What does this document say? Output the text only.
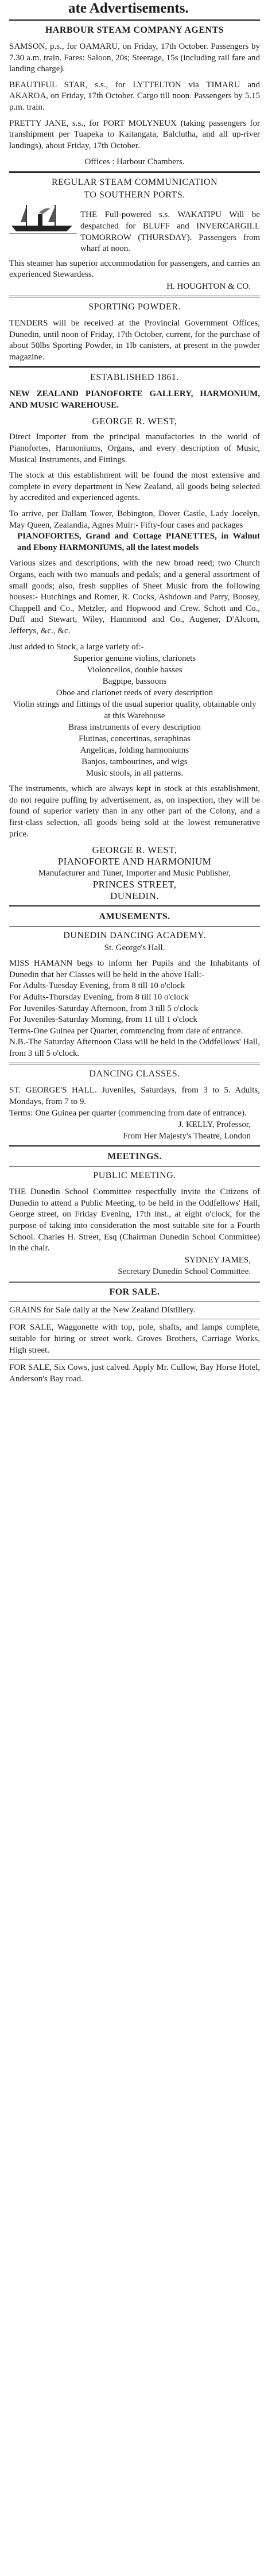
ate Advertisements.
HARBOUR STEAM COMPANY AGENTS

SAMSON, p.s., for OAMARU, on Friday, 17th October. Passengers by 7.30 a.m. train. Fares: Saloon, 20s; Steerage, 15s (including rail fare and landing charge).

BEAUTIFUL STAR, s.s., for LYTTELTON via TIMARU and AKAROA, on Friday, 17th October. Cargo till noon. Passengers by 5.15 p.m. train.

PRETTY JANE, s.s., for PORT MOLYNEUX (taking passengers for transhipment per Tuapeka to Kaitangata, Balclutha, and all up-river landings), about Friday, 17th October.

Offices : Harbour Chambers.
REGULAR STEAM COMMUNICATION
TO SOUTHERN PORTS.

THE Full-powered s.s. WAKATIPU Will be despatched for BLUFF and INVERCARGILL TOMORROW (THURSDAY). Passengers from wharf at noon.

This steamer has superior accommodation for passengers, and carries an experienced Stewardess.

H. HOUGHTON & CO.
SPORTING POWDER.

TENDERS will be received at the Provincial Government Offices, Dunedin, until noon of Friday, 17th October, current, for the purchase of about 50lbs Sporting Powder, in 1lb canisters, at present in the powder magazine.

ESTABLISHED 1861.

NEW ZEALAND PIANOFORTE GALLERY, HARMONIUM, AND MUSIC WAREHOUSE.

GEORGE R. WEST,

Direct Importer from the principal manufactories in the world of Pianofortes, Harmoniums, Organs, and every description of Music, Musical Instruments, and Fittings.

The stock at this establishment will be found the most extensive and complete in every department in New Zealand, all goods being selected by accredited and experienced agents.

To arrive, per Dallam Tower, Bebington, Dover Castle, Lady Jocelyn, May Queen, Zealandia, Agnes Muir:- Fifty-four cases and packages

PIANOFORTES, Grand and Cottage PIANETTES, in Walnut and Ebony HARMONIUMS, all the latest models

Various sizes and descriptions, with the new broad reed; two Church Organs, each with two manuals and pedals; and a general assortment of small goods; also, fresh supplies of Sheet Music from the following houses:- Hutchings and Romer, R. Cocks, Ashdown and Parry, Boosey, Chappell and Co., Metzler, and Hopwood and Crew. Schott and Co., Duff and Stewart, Wiley, Hammond and Co., Augener, D'Alcorn, Jefferys, &c., &c.

Just added to Stock, a large variety of:-

Superior genuine violins, clarionets

Violoncellos, double basses

Bagpipe, bassoons

Oboe and clarionet reeds of every description

Violin strings and fittings of the usual superior quality, obtainable only at this Warehouse

Brass instruments of every description

Flutinas, concertinas, seraphinas

Angelicas, folding harmoniums

Banjos, tambourines, and wigs

Music stools, in all patterns.

The instruments, which are always kept in stock at this establishment, do not require puffing by advertisement, as, on inspection, they will be found of superior variety than in any other part of the Colony, and a first-class selection, all goods being sold at the lowest remunerative price.

GEORGE R. WEST,
PIANOFORTE AND HARMONIUM
Manufacturer and Tuner, Importer and Music Publisher,
PRINCES STREET,
DUNEDIN.
AMUSEMENTS.
DUNEDIN DANCING ACADEMY.
St. George's Hall.

MISS HAMANN begs to inform her Pupils and the Inhabitants of Dunedin that her Classes will be held in the above Hall:-

For Adults-Tuesday Evening, from 8 till 10 o'clock

For Adults-Thursday Evening, from 8 till 10 o'clock

For Juveniles-Saturday Afternoon, from 3 till 5 o'clock

For Juveniles-Saturday Morning, from 11 till 1 o'clock

Terms-One Guinea per Quarter, commencing from date of entrance.

N.B.-The Saturday Afternoon Class will be held in the Oddfellows' Hall, from 3 till 5 o'clock.

DANCING CLASSES.

ST. GEORGE'S HALL. Juveniles, Saturdays, from 3 to 5. Adults, Mondays, from 7 to 9.

Terms: One Guinea per quarter (commencing from date of entrance).

J. KELLY, Professor,
From Her Majesty's Theatre, London
MEETINGS.
PUBLIC MEETING.

THE Dunedin School Committee respectfully invite the Citizens of Dunedin to attend a Public Meeting, to be held in the Oddfellows' Hall, George street, on Friday Evening, 17th inst., at eight o'clock, for the purpose of taking into consideration the most suitable site for a Fourth School. Charles H. Street, Esq (Chairman Dunedin School Committee) in the chair.

SYDNEY JAMES,
Secretary Dunedin School Committee.
FOR SALE.

GRAINS for Sale daily at the New Zealand Distillery.

FOR SALE, Waggonette with top, pole, shafts, and lamps complete, suitable for hiring or street work. Groves Brothers, Carriage Works, High street.

FOR SALE, Six Cows, just calved. Apply Mr. Cullow, Bay Horse Hotel, Anderson's Bay road.
